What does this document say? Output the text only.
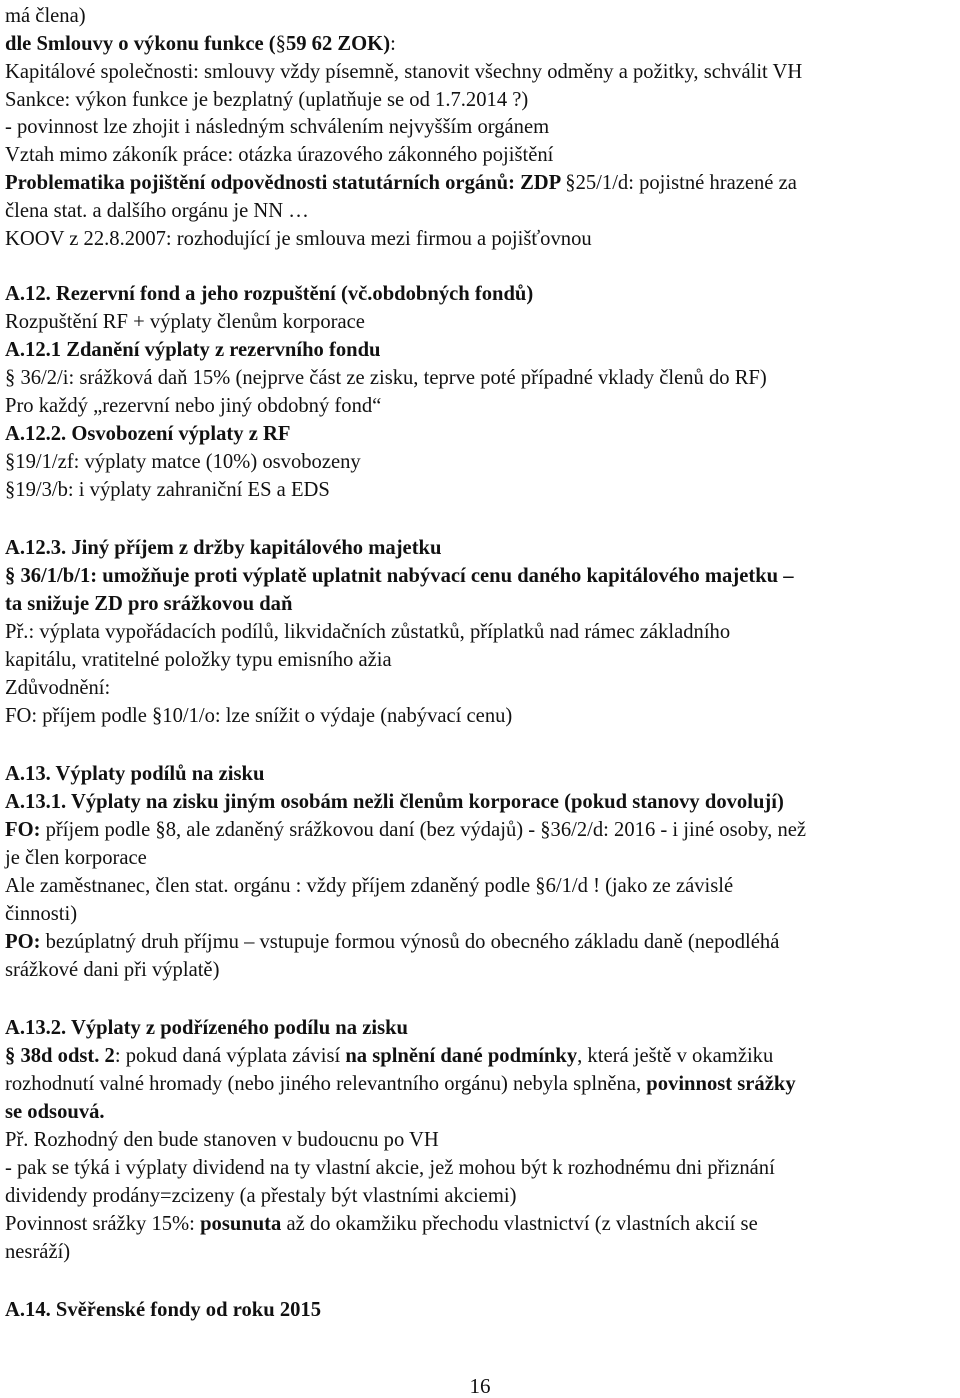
má člena)
dle Smlouvy o výkonu funkce (§59 62 ZOK):
Kapitálové společnosti: smlouvy vždy písemně, stanovit všechny odměny a požitky, schválit VH
Sankce: výkon funkce je bezplatný (uplatňuje se od 1.7.2014 ?)
- povinnost lze zhojit i následným schválením nejvyšším orgánem
Vztah mimo zákoník práce: otázka úrazového zákonného pojištění
Problematika pojištění odpovědnosti statutárních orgánů: ZDP §25/1/d: pojistné hrazené za
člena stat. a dalšího orgánu je NN …
KOOV z 22.8.2007: rozhodující je smlouva mezi firmou a pojišťovnou
A.12. Rezervní fond a jeho rozpuštění (vč.obdobných fondů)
Rozpuštění RF + výplaty členům korporace
A.12.1 Zdanění výplaty z rezervního fondu
§ 36/2/i: srážková daň 15% (nejprve část ze zisku, teprve poté případné vklady členů do RF)
Pro každý „rezervní nebo jiný obdobný fond“
A.12.2. Osvobození výplaty z RF
§19/1/zf: výplaty matce (10%) osvobozeny
§19/3/b: i výplaty zahraniční ES a EDS
A.12.3. Jiný příjem z držby kapitálového majetku
§ 36/1/b/1: umožňuje proti výplatě uplatnit nabývací cenu daného kapitálového majetku –
ta snižuje ZD pro srážkovou daň
Př.: výplata vypořádacích podílů, likvidačních zůstatků, příplatků nad rámec základního
kapitálu, vratitelné položky typu emisního ažia
Zdůvodnění:
FO: příjem podle §10/1/o: lze snížit o výdaje (nabývací cenu)
A.13. Výplaty podílů na zisku
A.13.1. Výplaty na zisku jiným osobám nežli členům korporace (pokud stanovy dovolují)
FO: příjem podle §8, ale zdaněný srážkovou daní (bez výdajů) - §36/2/d: 2016 - i jiné osoby, než
je člen korporace
Ale zaměstnanec, člen stat. orgánu : vždy příjem zdaněný podle §6/1/d ! (jako ze závislé
činnosti)
PO: bezúplatný druh příjmu – vstupuje formou výnosů do obecného základu daně (nepodléhá
srážkové dani při výplatě)
A.13.2. Výplaty z podřízeného podílu na zisku
§ 38d odst. 2: pokud daná výplata závisí na splnění dané podmínky, která ještě v okamžiku
rozhodnutí valné hromady (nebo jiného relevantního orgánu) nebyla splněna, povinnost srážky
se odsouvá.
Př. Rozhodný den bude stanoven v budoucnu po VH
- pak se týká i výplaty dividend na ty vlastní akcie, jež mohou být k rozhodnému dni přiznání
dividendy prodány=zcizeny (a přestaly být vlastními akciemi)
Povinnost srážky 15%: posunuta až do okamžiku přechodu vlastnictví (z vlastních akcií se
nesráží)
A.14. Svěřenské fondy od roku 2015
16
